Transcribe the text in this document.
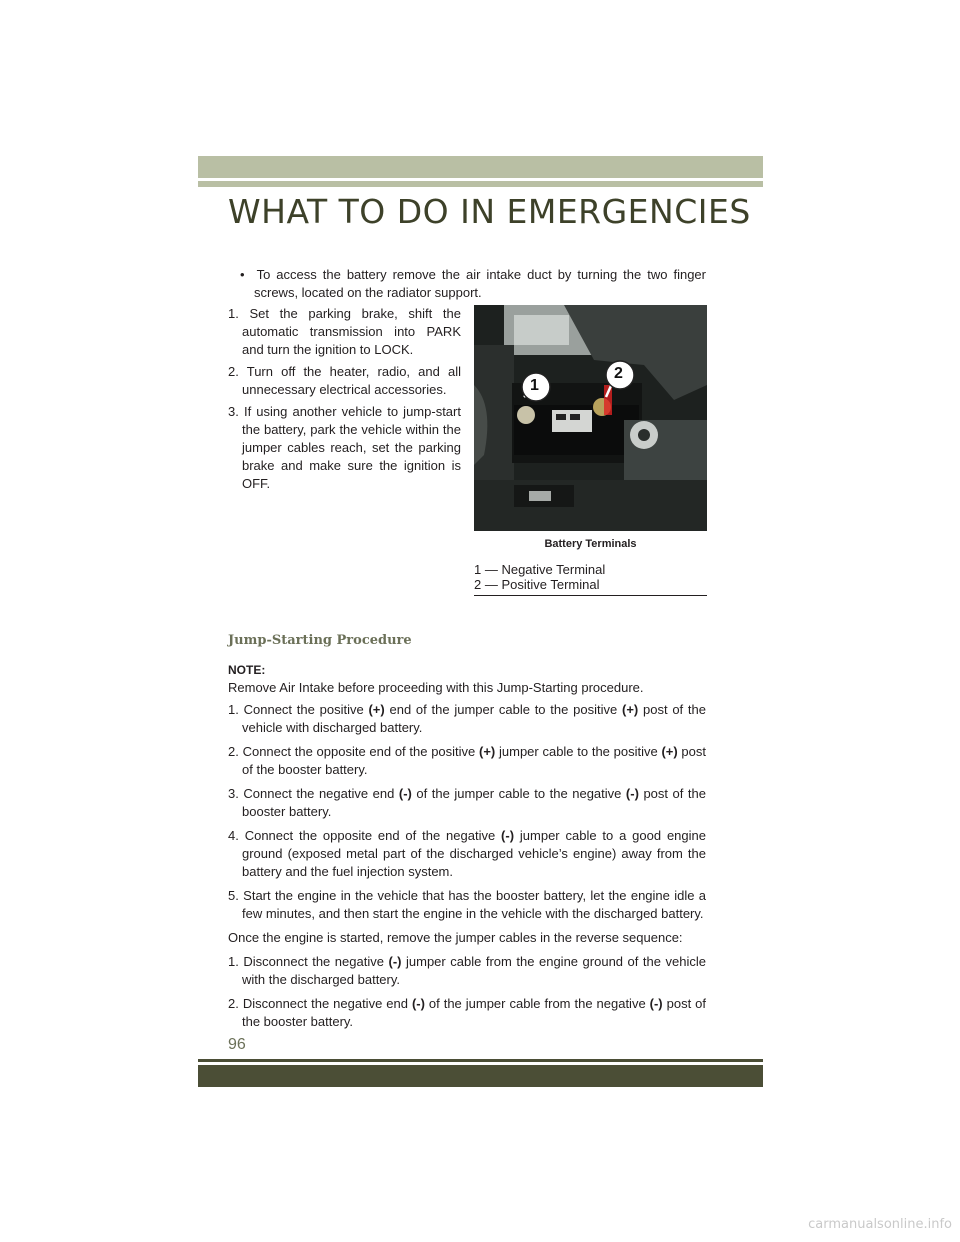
WHAT TO DO IN EMERGENCIES
• To access the battery remove the air intake duct by turning the two finger screws, located on the radiator support.
1. Set the parking brake, shift the automatic transmission into PARK and turn the ignition to LOCK.
2. Turn off the heater, radio, and all unnecessary electrical accessories.
3. If using another vehicle to jump-start the battery, park the vehicle within the jumper cables reach, set the parking brake and make sure the ignition is OFF.
1
2
Battery Terminals
1 — Negative Terminal
2 — Positive Terminal
Jump-Starting Procedure
NOTE:
Remove Air Intake before proceeding with this Jump-Starting procedure.
1. Connect the positive (+) end of the jumper cable to the positive (+) post of the vehicle with discharged battery.
2. Connect the opposite end of the positive (+) jumper cable to the positive (+) post of the booster battery.
3. Connect the negative end (-) of the jumper cable to the negative (-) post of the booster battery.
4. Connect the opposite end of the negative (-) jumper cable to a good engine ground (exposed metal part of the discharged vehicle’s engine) away from the battery and the fuel injection system.
5. Start the engine in the vehicle that has the booster battery, let the engine idle a few minutes, and then start the engine in the vehicle with the discharged battery.
Once the engine is started, remove the jumper cables in the reverse sequence:
1. Disconnect the negative (-) jumper cable from the engine ground of the vehicle with the discharged battery.
2. Disconnect the negative end (-) of the jumper cable from the negative (-) post of the booster battery.
96
carmanualsonline.info
